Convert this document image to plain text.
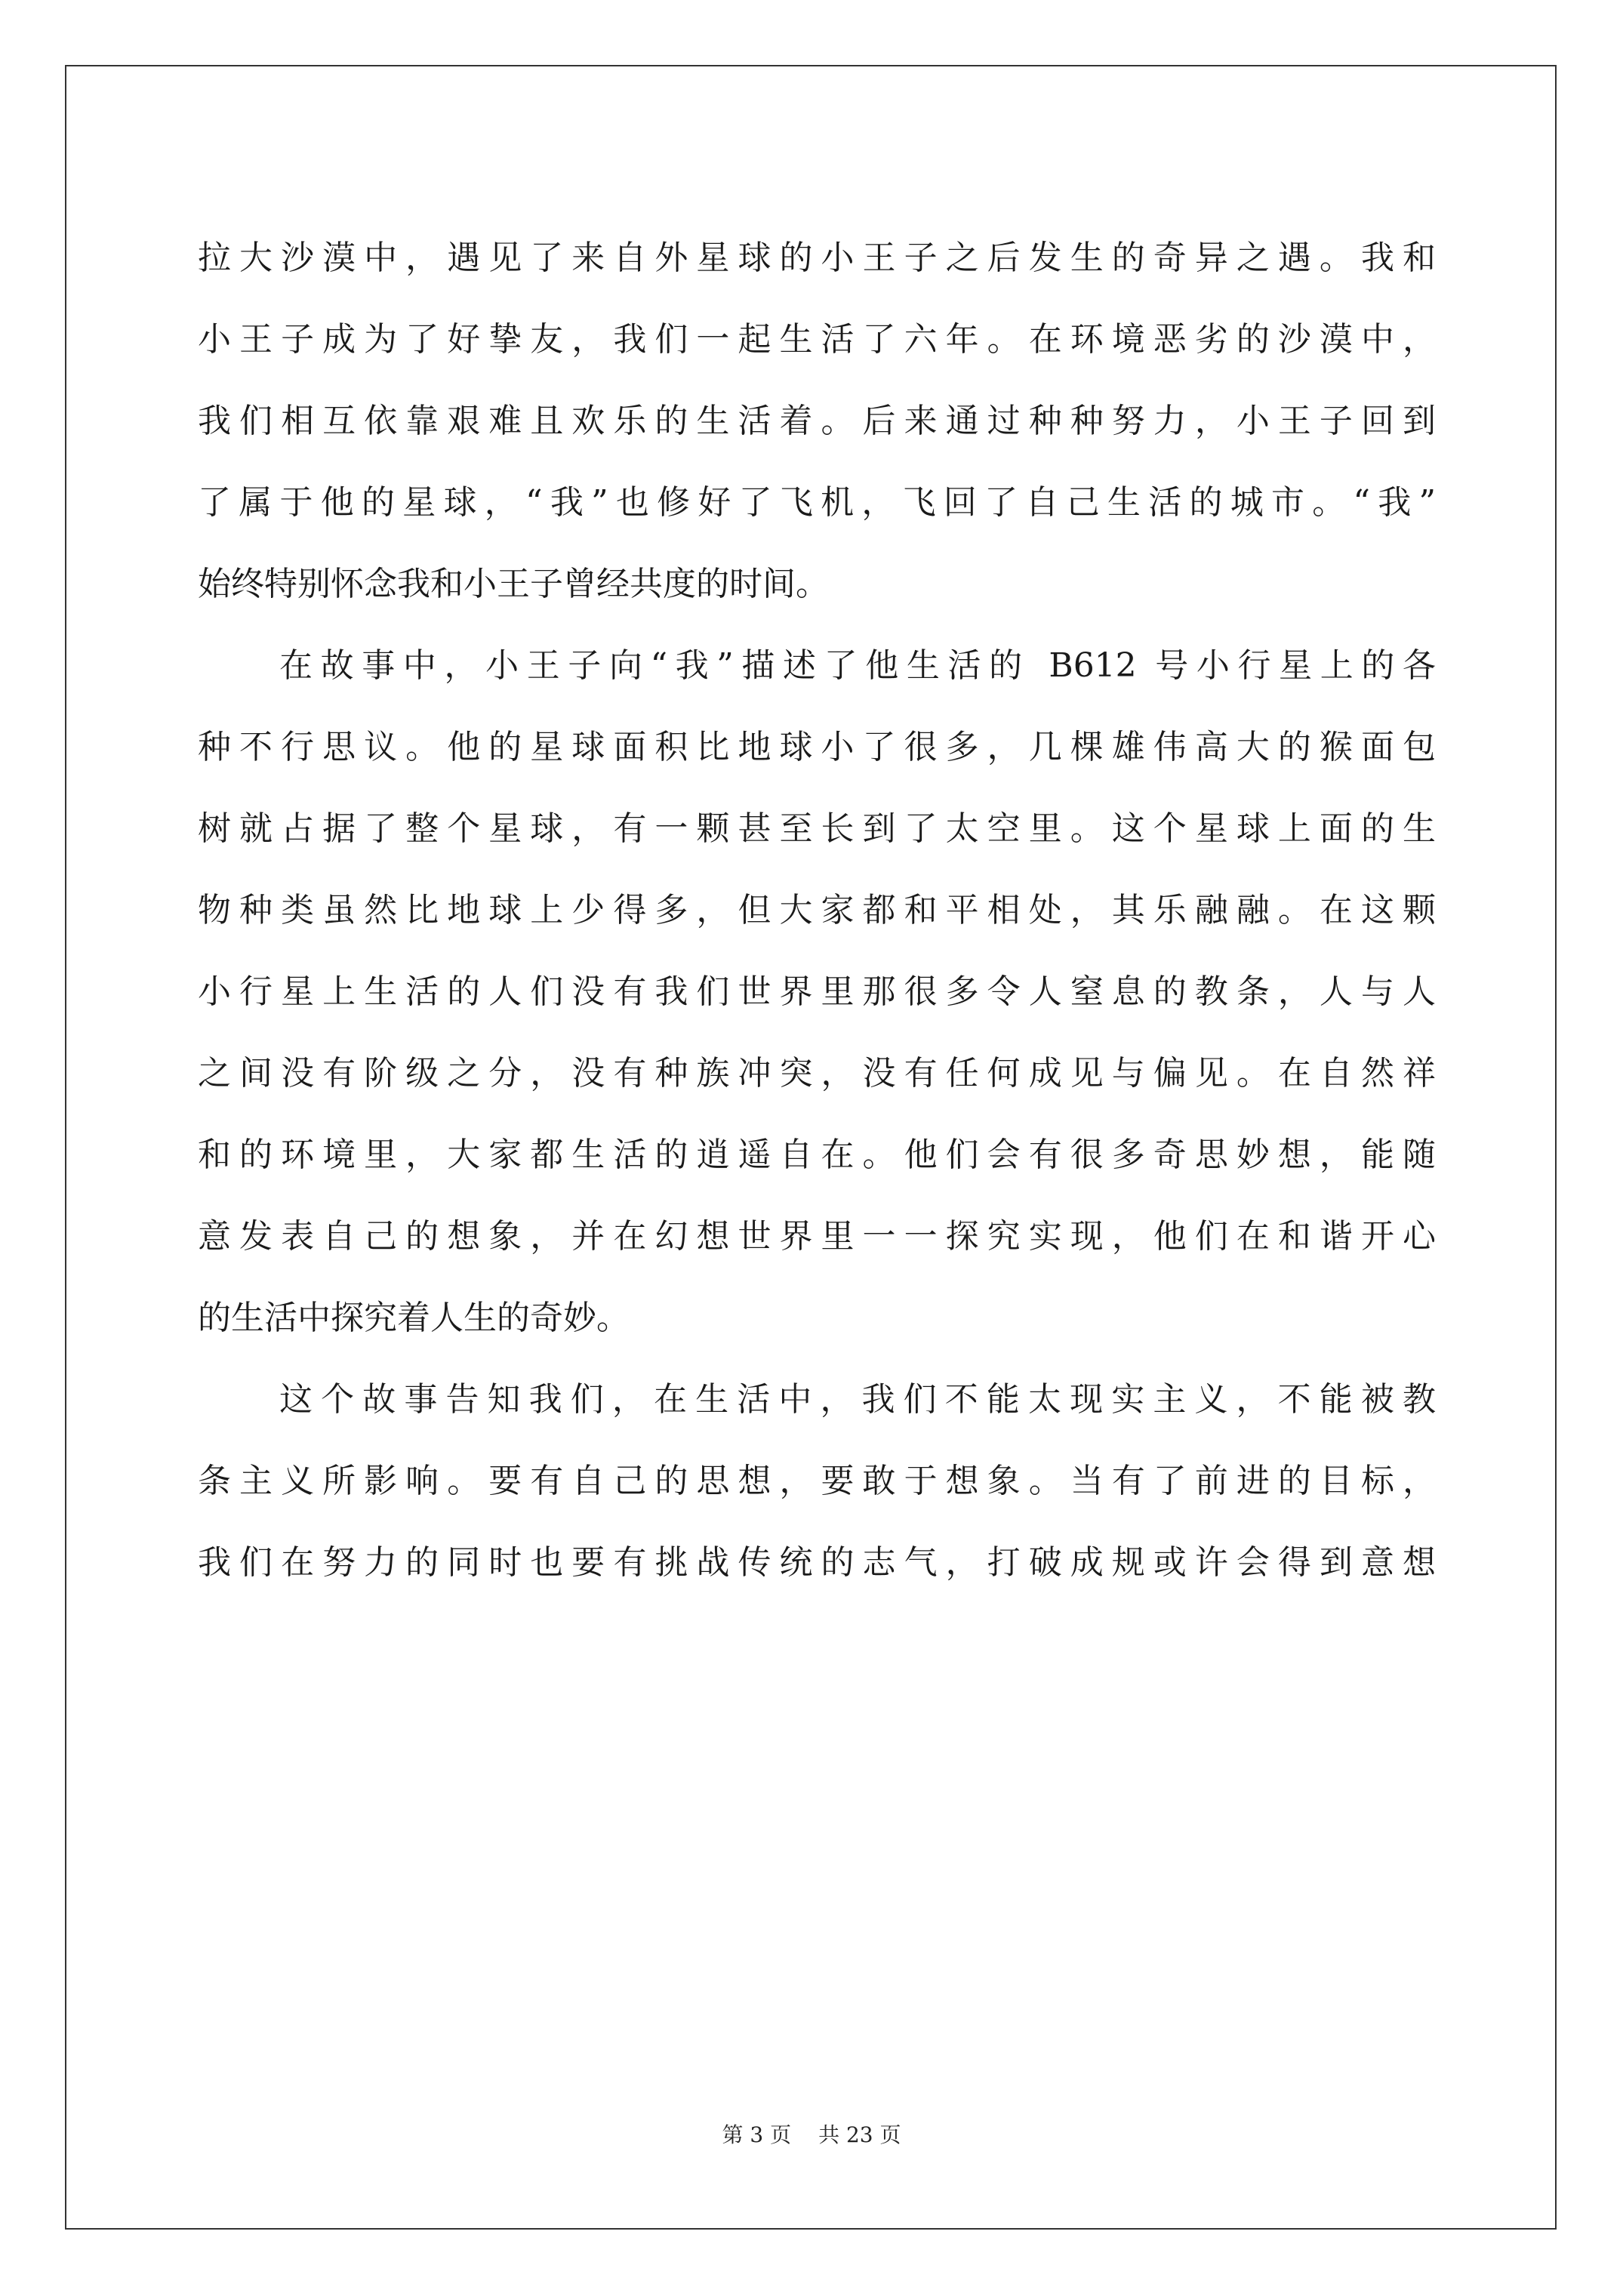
拉大沙漠中，遇见了来自外星球的小王子之后发生的奇异之遇。我和
小王子成为了好挚友，我们一起生活了六年。在环境恶劣的沙漠中，
我们相互依靠艰难且欢乐的生活着。后来通过种种努力，小王子回到
了属于他的星球，“我”也修好了飞机，飞回了自己生活的城市。“我”
始终特别怀念我和小王子曾经共度的时间。
在故事中，小王子向“我”描述了他生活的 B612 号小行星上的各
种不行思议。他的星球面积比地球小了很多，几棵雄伟高大的猴面包
树就占据了整个星球，有一颗甚至长到了太空里。这个星球上面的生
物种类虽然比地球上少得多，但大家都和平相处，其乐融融。在这颗
小行星上生活的人们没有我们世界里那很多令人窒息的教条，人与人
之间没有阶级之分，没有种族冲突，没有任何成见与偏见。在自然祥
和的环境里，大家都生活的逍遥自在。他们会有很多奇思妙想，能随
意发表自己的想象，并在幻想世界里一一探究实现，他们在和谐开心
的生活中探究着人生的奇妙。
这个故事告知我们，在生活中，我们不能太现实主义，不能被教
条主义所影响。要有自己的思想，要敢于想象。当有了前进的目标，
我们在努力的同时也要有挑战传统的志气，打破成规或许会得到意想
第 3 页 共 23 页
